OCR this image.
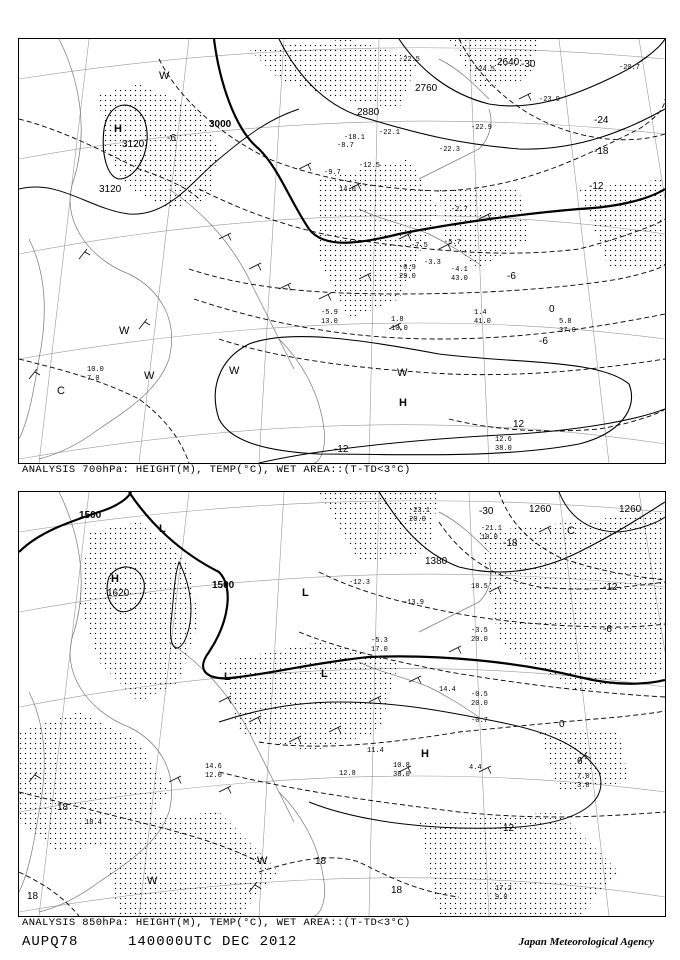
H
3120
H
W
W
W	W	W
C
3120
3000
2880
2760
2640 -30
-24
-18
-12
-6
-6
0
-6
12
-12
-22.5
-23.9
-24.5
-22.9
-22.3
-12.5
-7.5
14.0
-3.3
-5.7
1.4
41.0	5.8
37.0
1.8
10.0
-5.9
13.0
10.0
7.0
12.6
38.0
-8.7
-2.7
-4.1
43.0
-0.9
29.0
-9.7
-20.7
-22.1
-18.1
ANALYSIS 700hPa: HEIGHT(M), TEMP(°C), WET AREA::(T-TD<3°C)
H
1620
L
L
L	L
H
W
W
C
1500
1500
1380
1260	1260
-30
-18
-12
-6
0
6
12
18
18
18
18
-21.1
10.0
-23.1
20.0
18.5
-3.5
20.0
-0.5
20.0
-0.7
4.4
14.4
10.8
38.0
11.4
12.8
14.6
12.0	7.0
3.8
17.2
9.0
18.4
-5.3
17.0
-12.3
-13.9
ANALYSIS 850hPa: HEIGHT(M), TEMP(°C), WET AREA::(T-TD<3°C)
AUPQ78	140000UTC DEC 2012	Japan Meteorological Agency
